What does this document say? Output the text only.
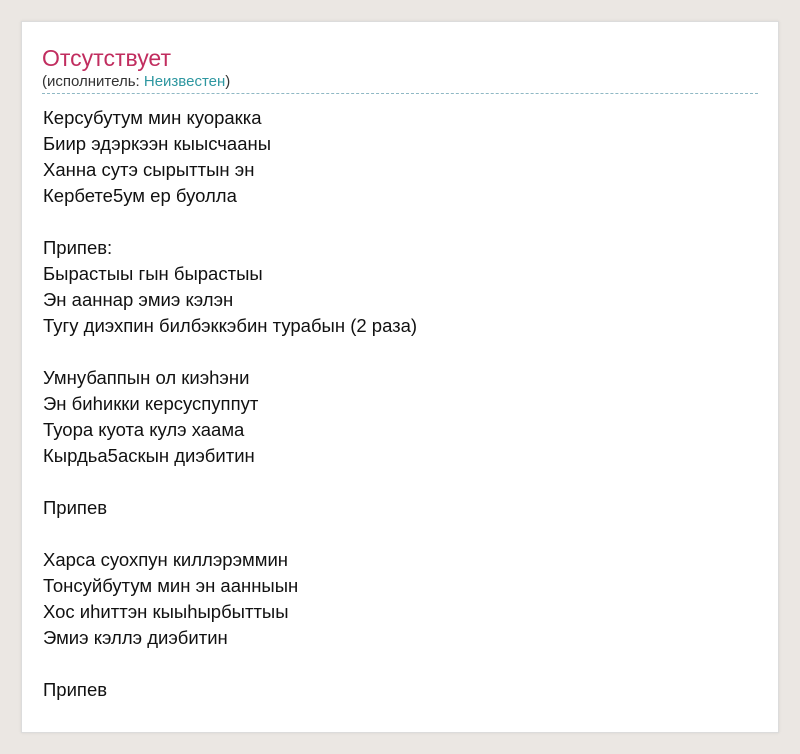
Отсутствует
(исполнитель: Неизвестен)
Керсубутум мин куоракка
Биир эдэркээн кыысчааны
Ханна сутэ сырыттын эн
Кербете5ум ер буолла
Припев:
Бырастыы гын бырастыы
Эн ааннар эмиэ кэлэн
Тугу диэхпин билбэккэбин турабын (2 раза)
Умнубаппын ол киэhэни
Эн биhикки керсуспуппут
Туора куота кулэ хаама
Кырдьа5аскын диэбитин
Припев
Харса суохпун киллэрэммин
Тонсуйбутум мин эн аанныын
Хос иhиттэн кыыhырбыттыы
Эмиэ кэллэ диэбитин
Припев
